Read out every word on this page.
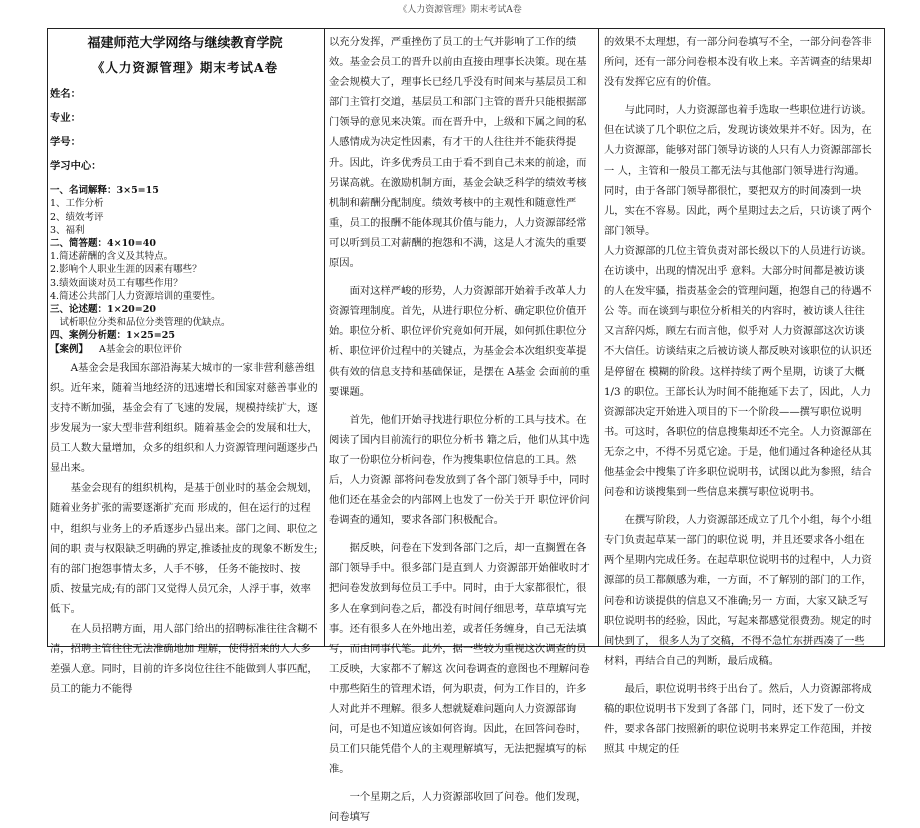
《人力资源管理》期末考试A卷
福建师范大学网络与继续教育学院
《人力资源管理》期末考试A卷
姓名：
专业：
学号：
学习中心：
一、名词解释：3×5=15
1、工作分析
2、绩效考评
3、福利
二、简答题：4×10=40
1.简述薪酬的含义及其特点。
2.影响个人职业生涯的因素有哪些？
3.绩效面谈对员工有哪些作用？
4.简述公共部门人力资源培训的重要性。
三、论述题：1×20=20
试析职位分类和品位分类管理的优缺点。
四、案例分析题：1×25=25
【案例】 A基金会的职位评价

A基金会是我国东部沿海某大城市的一家非营利慈善组织。近年来，随着当地经济的迅速增长和国家对慈善事业的支持不断加强，基金会有了飞速的发展，规模持续扩大，逐步发展为一家大型非营利组织。随着基金会的发展和壮大，员工人数大量增加，众多的组织和人力资源管理问题逐步凸显出来。

基金会现有的组织机构，是基于创业时的基金会规划，随着业务扩张的需要逐渐扩充而 形成的，但在运行的过程中，组织与业务上的矛盾逐步凸显出来。部门之间、职位之间的职 责与权限缺乏明确的界定,推诿扯皮的现象不断发生;有的部门抱怨事情太多，人手不够， 任务不能按时、按质、按量完成;有的部门又觉得人员冗余，人浮于事，效率低下。

在人员招聘方面，用人部门给出的招聘标准往往含糊不清，招聘主管往往无法准确地加 理解，使得招来的人大多差强人意。同时，目前的许多岗位往往不能做到人事匹配，员工的能力不能得

以充分发挥，严重挫伤了员工的士气并影响了工作的绩效。基金会员工的晋升以前由直接由理事长决策。现在基金会规模大了，理事长已经几乎没有时间来与基层员工和部门主管打交道，基层员工和部门主管的晋升只能根据部门领导的意见来决策。而在晋升中，上级和下属之间的私人感情成为决定性因素，有才干的人往往并不能获得提升。因此，许多优秀员工由于看不到自己未来的前途，而另谋高就。在激励机制方面，基金会缺乏科学的绩效考核机制和薪酬分配制度。绩效考核中的主观性和随意性严重，员工的报酬不能体现其价值与能力，人力资源部经常可以听到员工对薪酬的抱怨和不满，这是人才流失的重要 原因。

面对这样严峻的形势，人力资源部开始着手改革人力资源管理制度。首先，从进行职位分析、确定职位价值开始。职位分析、职位评价究竟如何开展，如何抓住职位分析、职位评价过程中的关键点，为基金会本次组织变革提供有效的信息支持和基础保证，是摆在 A基金 会面前的重要课题。

首先，他们开始寻找进行职位分析的工具与技术。在阅读了国内目前流行的职位分析书 籍之后，他们从其中选取了一份职位分析问卷，作为搜集职位信息的工具。然后，人力资源 部将问卷发放到了各个部门领导手中，同时他们还在基金会的内部网上也发了一份关于开 职位评价问卷调查的通知，要求各部门积极配合。

据反映，问卷在下发到各部门之后，却一直搁置在各部门领导手中。很多部门是直到人 力资源部开始催收时才把问卷发放到每位员工手中。同时，由于大家都很忙，很多人在拿到问卷之后，都没有时间仔细思考，草草填写完事。还有很多人在外地出差，或者任务缠身，自己无法填写，而由同事代笔。此外，据一些较为重视这次调查的员工反映，大家都不了解这 次问卷调查的意图也不理解问卷中那些陌生的管理术语，何为职责，何为工作目的，许多 人对此并不理解。很多人想就疑难问题向人力资源部询问，可是也不知道应该如何咨询。因此，在回答问卷时，员工们只能凭借个人的主观理解填写，无法把握填写的标准。

一个星期之后，人力资源部收回了问卷。他们发现，问卷填写

的效果不太理想，有一部分问卷填写不全，一部分问卷答非所问，还有一部分问卷根本没有收上来。辛苦调查的结果却没有发挥它应有的价值。

与此同时，人力资源部也着手选取一些职位进行访谈。但在试谈了几个职位之后，发现访谈效果并不好。因为，在人力资源部，能够对部门领导访谈的人只有人力资源部部长一 人，主管和一般员工都无法与其他部门领导进行沟通。同时，由于各部门领导都很忙，要把双方的时间凑到一块儿，实在不容易。因此，两个星期过去之后，只访谈了两个部门领导。

人力资源部的几位主管负责对部长级以下的人员进行访谈。在访谈中，出现的情况出乎 意料。大部分时间都是被访谈的人在发牢骚，指责基金会的管理问题，抱怨自己的待遇不公 等。而在谈到与职位分析相关的内容时，被访谈人往往又言辞闪烁，顾左右而言他，似乎对 人力资源部这次访谈不大信任。访谈结束之后被访谈人都反映对该职位的认识还是停留在 模糊的阶段。这样持续了两个星期，访谈了大概 1/3 的职位。王部长认为时间不能拖延下去了，因此，人力资源部决定开始进入项目的下一个阶段——撰写职位说明书。可这时，各职位的信息搜集却还不完全。人力资源部在无奈之中，不得不另觅它途。于是，他们通过各种途径从其他基金会中搜集了许多职位说明书，试图以此为参照，结合问卷和访谈搜集到一些信息来撰写职位说明书。

在撰写阶段，人力资源部还成立了几个小组，每个小组专门负责起草某一部门的职位说 明，并且还要求各小组在两个星期内完成任务。在起草职位说明书的过程中，人力资源部的员工都颇感为难，一方面，不了解别的部门的工作，问卷和访谈提供的信息又不准确;另一 方面，大家又缺乏写职位说明书的经验，因此，写起来都感觉很费劲。规定的时间快到了， 很多人为了交稿，不得不急忙东拼西凑了一些材料，再结合自己的判断，最后成稿。

最后，职位说明书终于出台了。然后，人力资源部将成稿的职位说明书下发到了各部 门，同时，还下发了一份文件，要求各部门按照新的职位说明书来界定工作范围，并按照其 中规定的任
